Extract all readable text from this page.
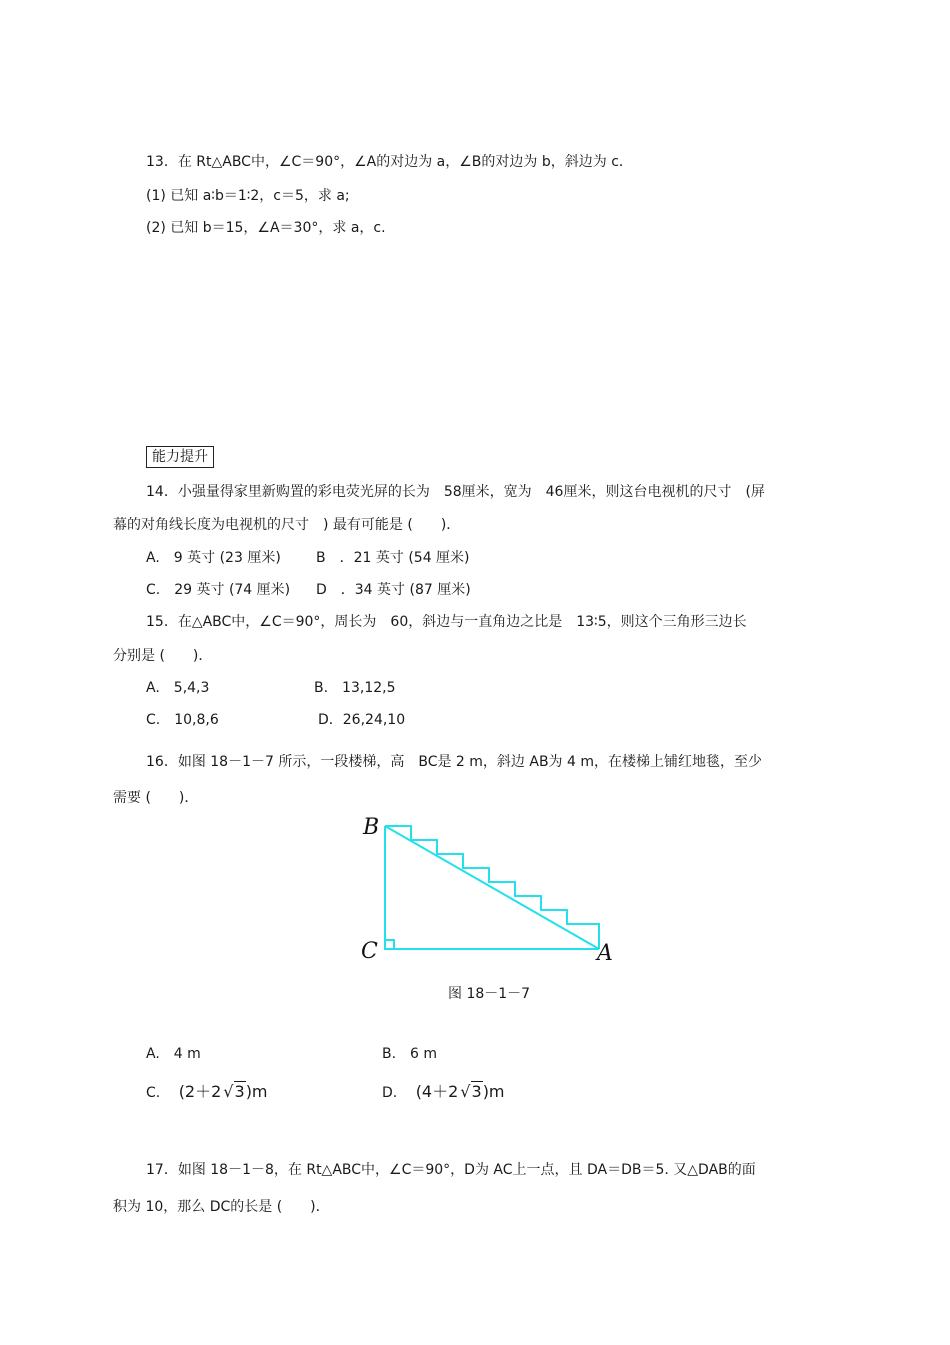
13．在 Rt△ABC中，∠C＝90°，∠A的对边为 a，∠B的对边为 b，斜边为 c．
(1) 已知 a∶b＝1∶2，c＝5，求 a;
(2) 已知 b＝15，∠A＝30°，求 a，c.
能力提升
14．小强量得家里新购置的彩电荧光屏的长为　58厘米，宽为　46厘米，则这台电视机的尺寸　(屏
幕的对角线长度为电视机的尺寸　) 最有可能是 (　　)．
A.　9 英寸 (23 厘米)	B　．21 英寸 (54 厘米)
C.　29 英寸 (74 厘米) D　．34 英寸 (87 厘米)
15．在△ABC中，∠C＝90°，周长为　60，斜边与一直角边之比是　13∶5，则这个三角形三边长
分别是 (　　)．
A.　5,4,3	B.　13,12,5
C.　10,8,6	D．26,24,10
16．如图 18－1－7 所示，一段楼梯，高　BC是 2 m，斜边 AB为 4 m，在楼梯上铺红地毯，至少
需要 (　　)．
B
C	A
图 18－1－7
A.　4 m	B.　6 m
C. (2＋2 √3)m	D. (4＋2 √3)m
17．如图 18－1－8，在 Rt△ABC中，∠C＝90°，D为 AC上一点，且 DA＝DB＝5. 又△DAB的面
积为 10，那么 DC的长是 (　　)．
